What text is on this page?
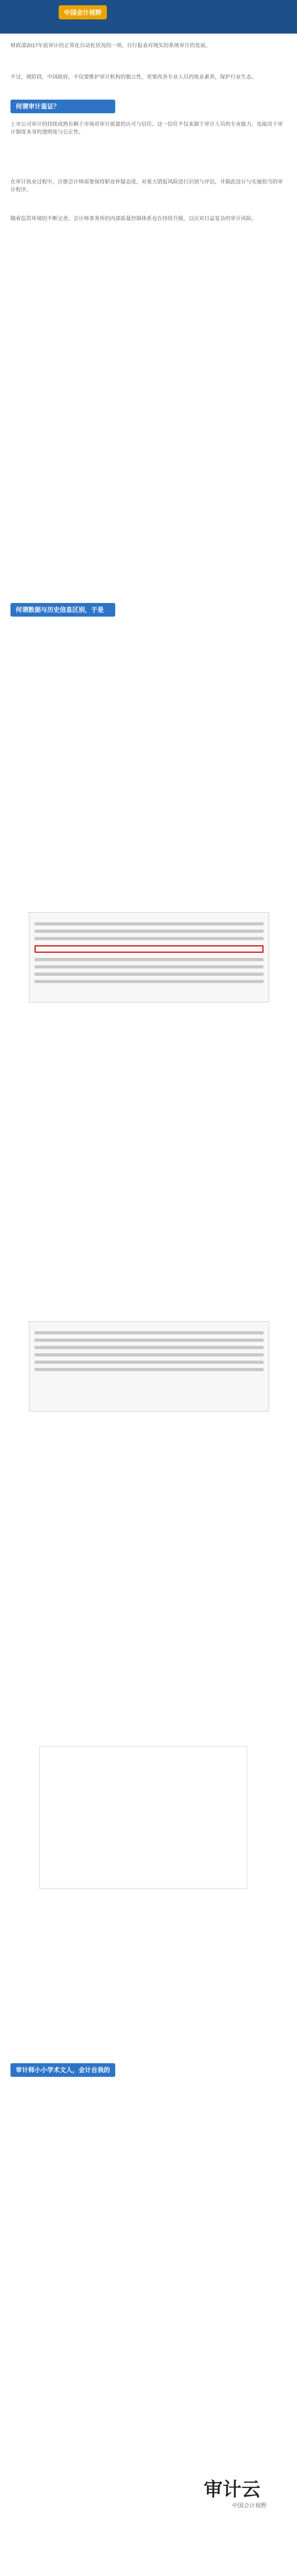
中国会计视野
财政部2017年底审计的正常化自动化状况的一项，自行报表对现实的系统审计的发展。
不过，现阶段，中国政府，不仅要维护审计机构的独立性，更要改善专业人员的执业素养，保护行业生态。
何谓审计鉴证？
上市公司审计的持续成熟有赖于市场对审计质量的认可与信任。这一信任不仅来源于审计人员的专业能力，也取决于审计制度本身的透明度与公正性。
在审计执业过程中，注册会计师需要保持职业怀疑态度，对重大错报风险进行识别与评估，并据此设计与实施恰当的审计程序。
随着监管环境的不断完善，会计师事务所的内部质量控制体系也在持续升级，以应对日益复杂的审计风险。
何谓数据与历史信息区别，于是有？
审计师小小学术文人，会计自我的主义？
审计云
中国会计视野
